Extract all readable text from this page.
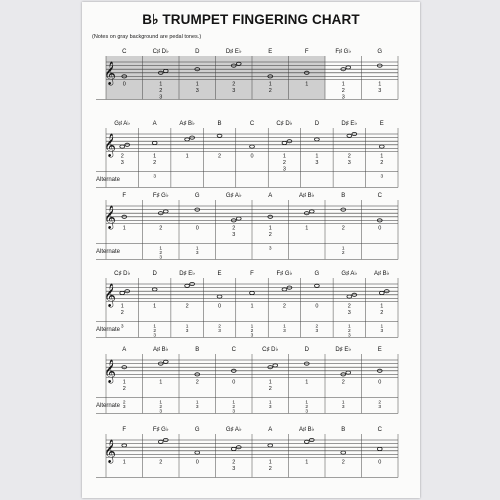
B♭ TRUMPET FINGERING CHART
(Notes on gray background are pedal tones.)
𝄞
C
0
C♯ D♭
1
2
3
D
1
3
D♯ E♭
2
3
E
1
2
F
1
F♯ G♭
1
2
3
G
1
3
𝄞
G♯ A♭
2
3
A
1
2
3
A♯ B♭
1
B
2
C
0
C♯ D♭
1
2
3
D
1
3
D♯ E♭
2
3
E
1
2
3
Alternate
𝄞
F
1
F♯ G♭
2
1
2
3
G
0
1
3
G♯ A♭
2
3
A
1
2
3
A♯ B♭
1
B
2
1
2
C
0
Alternate
𝄞
C♯ D♭
1
2
3
D
1
1
2
3
D♯ E♭
2
1
3
E
0
2
3
F
1
1
2
3
F♯ G♭
2
1
3
G
0
2
3
G♯ A♭
2
3
1
2
3
A♯ B♭
1
2
1
3
Alternate
𝄞
A
1
2
2
3
A♯ B♭
1
1
2
3
B
2
1
3
C
0
1
2
3
C♯ D♭
1
2
1
3
D
1
1
2
3
D♯ E♭
2
1
3
E
0
2
3
Alternate
𝄞
F
1
F♯ G♭
2
G
0
G♯ A♭
2
3
A
1
2
A♯ B♭
1
B
2
C
0
